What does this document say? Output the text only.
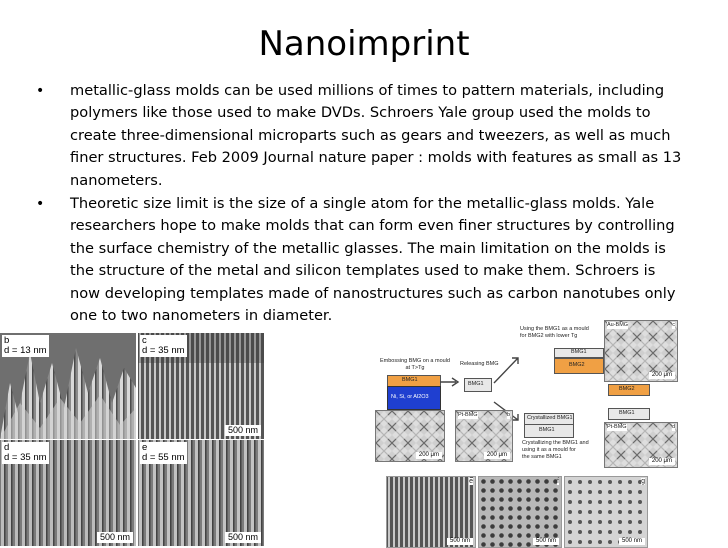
Nanoimprint
• metallic-glass molds can be used millions of times to pattern materials, including polymers like those used to make DVDs. Schroers Yale group used the molds to create three-dimensional microparts such as gears and tweezers, as well as much finer structures. Feb 2009 Journal nature paper : molds with features as small as 13 nanometers.
• Theoretic size limit is the size of a single atom for the metallic-glass molds. Yale researchers hope to make molds that can form even finer structures by controlling the surface chemistry of the metallic glasses. The main limitation on the molds is the structure of the metal and silicon templates used to make them. Schroers is now developing templates made of nanostructures such as carbon nanotubes only one to two nanometers in diameter.
b
d = 13 nm
c
d = 35 nm
500 nm
d
d = 35 nm
500 nm
e
d = 55 nm
500 nm
Embossing BMG on a mould
at T>Tg
Releasing BMG
Using the BMG1 as a mould
for BMG2 with lower Tg
BMG1
Ni, Si, or Al2O3
BMG1
BMG1
BMG2
Crystallized BMG1
BMG1
Crystallizing the BMG1 and
using it as a mould for
the same BMG1
200 μm
Pt-BMG	b
200 μm
Au-BMG	c
200 μm
BMG2
BMG1
Pt-BMG	d
200 μm
e
500 nm
f
500 nm
g
500 nm
